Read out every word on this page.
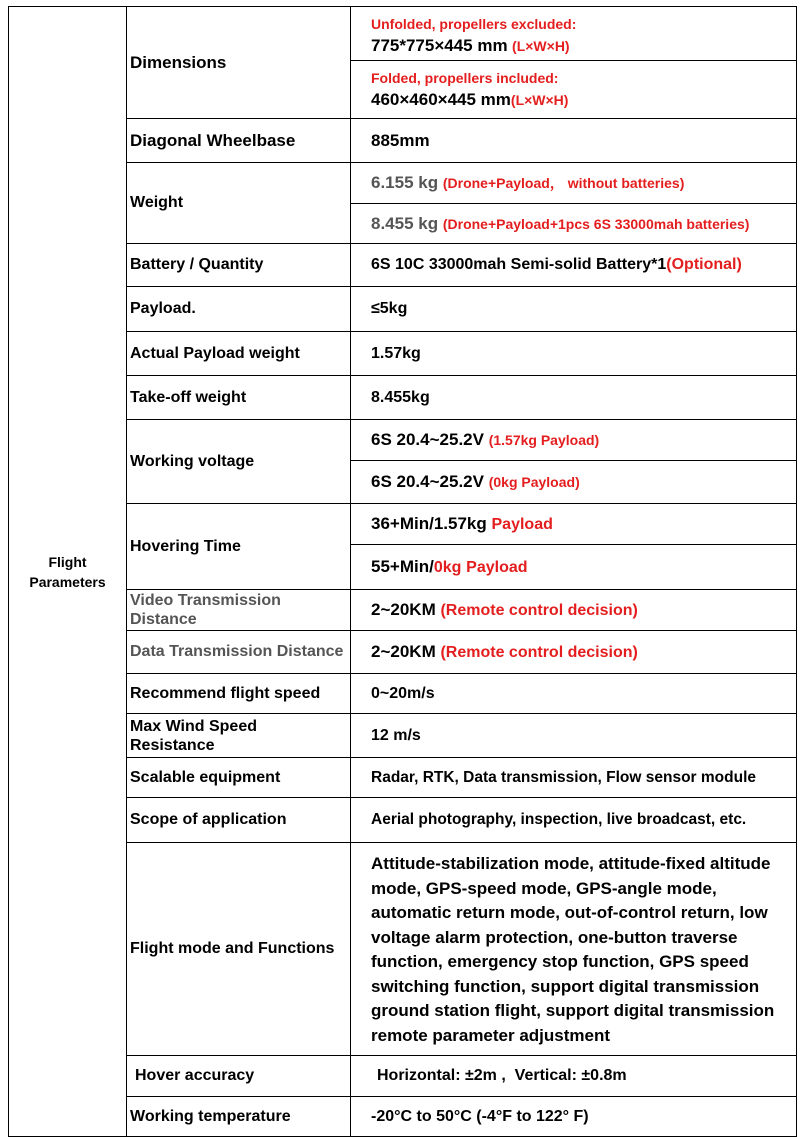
Flight Parameters	Dimensions	Unfolded, propellers excluded:
775*775×445 mm (L×W×H)

		Folded, propellers included:
460×460×445 mm(L×W×H)

	Diagonal Wheelbase	885mm
	Weight	6.155 kg (Drone+Payload， without batteries)
		8.455 kg (Drone+Payload+1pcs 6S 33000mah batteries)
	Battery / Quantity	6S 10C 33000mah Semi-solid Battery*1(Optional)
	Payload.	≤5kg
	Actual Payload weight	1.57kg
	Take-off weight	8.455kg
	Working voltage	6S 20.4~25.2V (1.57kg Payload)
		6S 20.4~25.2V (0kg Payload)
	Hovering Time	36+Min/1.57kg Payload
		55+Min/0kg Payload
	Video Transmission Distance	2~20KM (Remote control decision)
	Data Transmission Distance	2~20KM (Remote control decision)
	Recommend flight speed	0~20m/s
	Max Wind Speed Resistance	12 m/s
	Scalable equipment	Radar, RTK, Data transmission, Flow sensor module
	Scope of application	Aerial photography, inspection, live broadcast, etc.
	Flight mode and Functions	Attitude-stabilization mode, attitude-fixed altitude mode, GPS-speed mode, GPS-angle mode, automatic return mode, out-of-control return, low voltage alarm protection, one-button traverse function, emergency stop function, GPS speed switching function, support digital transmission ground station flight, support digital transmission remote parameter adjustment
	Hover accuracy	Horizontal: ±2m ,  Vertical: ±0.8m
	Working temperature	-20°C to 50°C (-4°F to 122° F)
